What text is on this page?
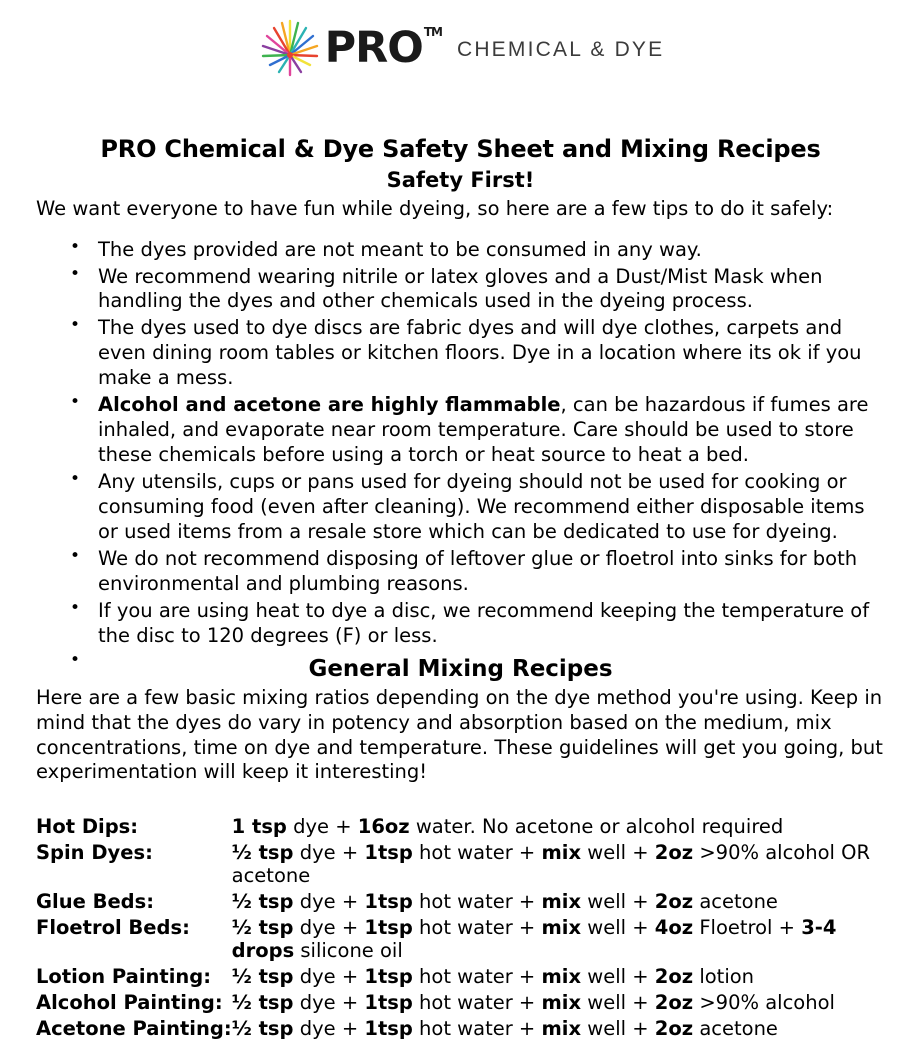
PRO™
CHEMICAL & DYE
PRO Chemical & Dye Safety Sheet and Mixing Recipes
Safety First!
We want everyone to have fun while dyeing, so here are a few tips to do it safely:
• The dyes provided are not meant to be consumed in any way.
• We recommend wearing nitrile or latex gloves and a Dust/Mist Mask when handling the dyes and other chemicals used in the dyeing process.
• The dyes used to dye discs are fabric dyes and will dye clothes, carpets and even dining room tables or kitchen floors. Dye in a location where its ok if you make a mess.
• Alcohol and acetone are highly flammable, can be hazardous if fumes are inhaled, and evaporate near room temperature. Care should be used to store these chemicals before using a torch or heat source to heat a bed.
• Any utensils, cups or pans used for dyeing should not be used for cooking or consuming food (even after cleaning). We recommend either disposable items or used items from a resale store which can be dedicated to use for dyeing.
• We do not recommend disposing of leftover glue or floetrol into sinks for both environmental and plumbing reasons.
• If you are using heat to dye a disc, we recommend keeping the temperature of the disc to 120 degrees (F) or less.
General Mixing Recipes
Here are a few basic mixing ratios depending on the dye method you're using. Keep in mind that the dyes do vary in potency and absorption based on the medium, mix concentrations, time on dye and temperature. These guidelines will get you going, but experimentation will keep it interesting!
Hot Dips:	1 tsp dye + 16oz water. No acetone or alcohol required
Spin Dyes:	½ tsp dye + 1tsp hot water + mix well + 2oz >90% alcohol OR acetone
Glue Beds:	½ tsp dye + 1tsp hot water + mix well + 2oz acetone
Floetrol Beds:	½ tsp dye + 1tsp hot water + mix well + 4oz Floetrol + 3-4 drops silicone oil
Lotion Painting:	½ tsp dye + 1tsp hot water + mix well + 2oz lotion
Alcohol Painting:	½ tsp dye + 1tsp hot water + mix well + 2oz >90% alcohol
Acetone Painting:	½ tsp dye + 1tsp hot water + mix well + 2oz acetone
